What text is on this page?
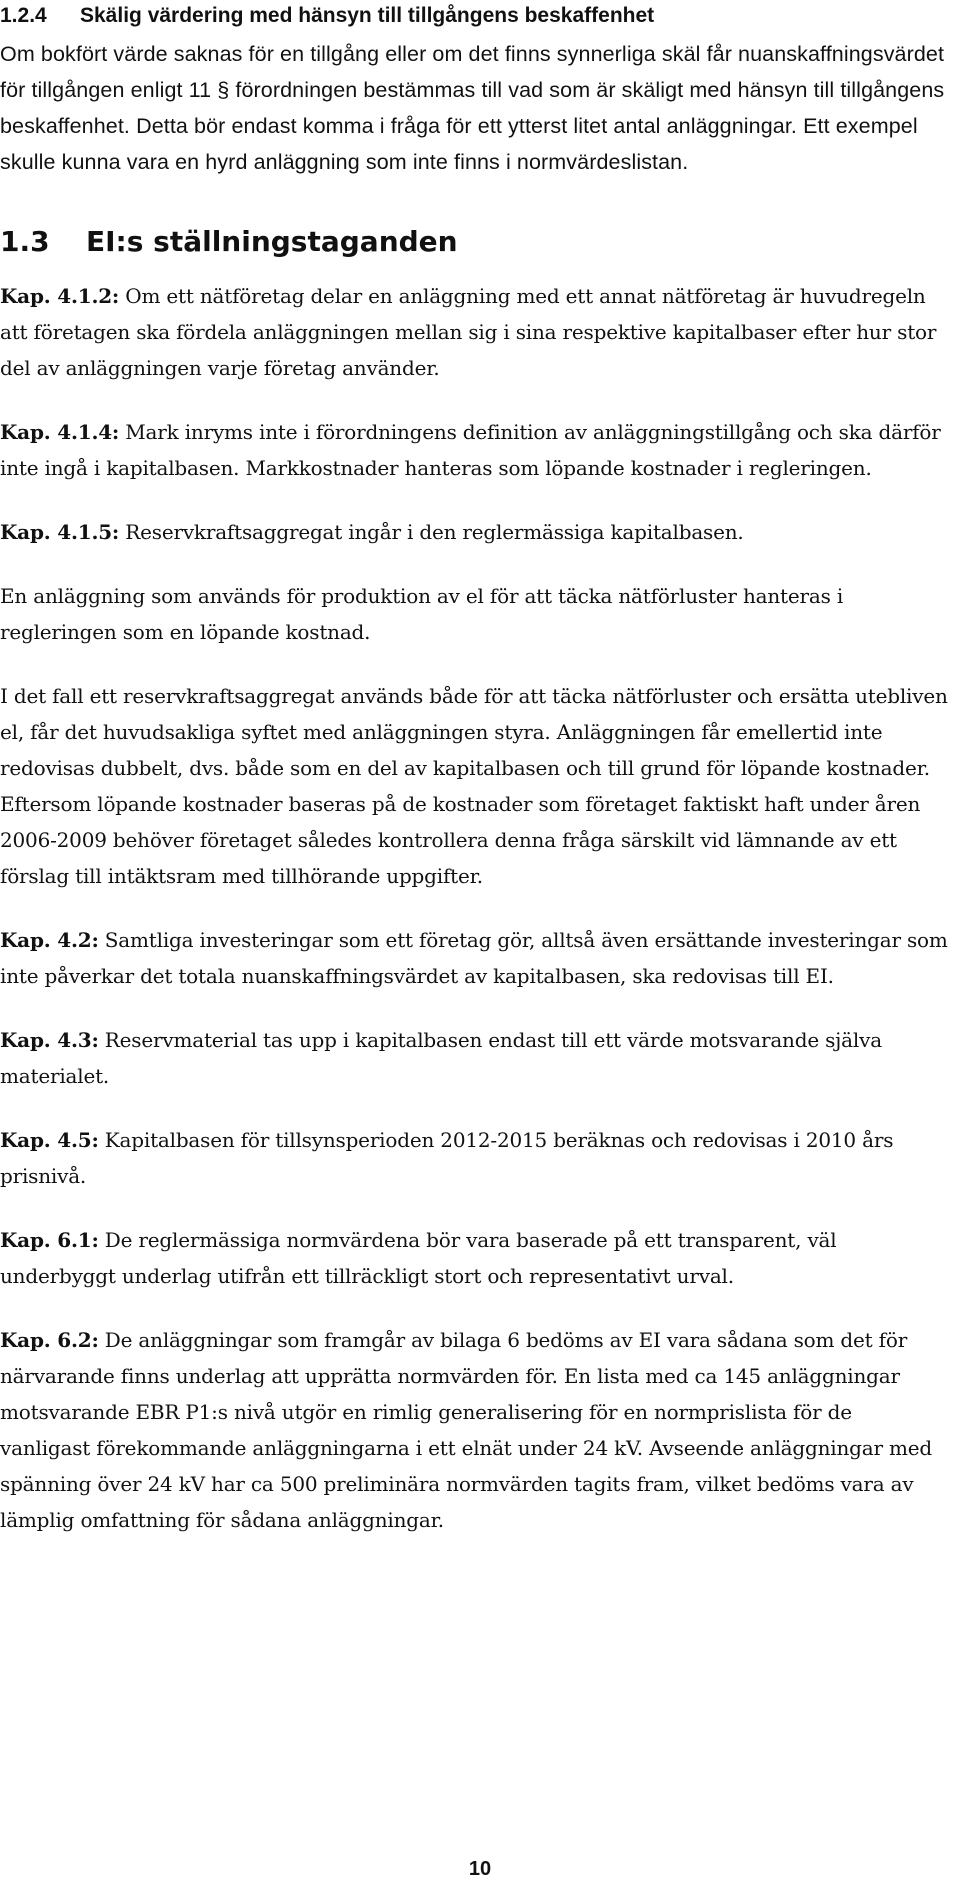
1.2.4	Skälig värdering med hänsyn till tillgångens beskaffenhet

Om bokfört värde saknas för en tillgång eller om det finns synnerliga skäl får nuanskaffningsvärdet för tillgången enligt 11 § förordningen bestämmas till vad som är skäligt med hänsyn till tillgångens beskaffenhet. Detta bör endast komma i fråga för ett ytterst litet antal anläggningar. Ett exempel skulle kunna vara en hyrd anläggning som inte finns i normvärdeslistan.

1.3	EI:s ställningstaganden

Kap. 4.1.2: Om ett nätföretag delar en anläggning med ett annat nätföretag är huvudregeln att företagen ska fördela anläggningen mellan sig i sina respektive kapitalbaser efter hur stor del av anläggningen varje företag använder.

Kap. 4.1.4: Mark inryms inte i förordningens definition av anläggningstillgång och ska därför inte ingå i kapitalbasen. Markkostnader hanteras som löpande kostnader i regleringen.

Kap. 4.1.5: Reservkraftsaggregat ingår i den reglermässiga kapitalbasen.

En anläggning som används för produktion av el för att täcka nätförluster hanteras i regleringen som en löpande kostnad.

I det fall ett reservkraftsaggregat används både för att täcka nätförluster och ersätta utebliven el, får det huvudsakliga syftet med anläggningen styra. Anläggningen får emellertid inte redovisas dubbelt, dvs. både som en del av kapitalbasen och till grund för löpande kostnader. Eftersom löpande kostnader baseras på de kostnader som företaget faktiskt haft under åren 2006-2009 behöver företaget således kontrollera denna fråga särskilt vid lämnande av ett förslag till intäktsram med tillhörande uppgifter.

Kap. 4.2: Samtliga investeringar som ett företag gör, alltså även ersättande investeringar som inte påverkar det totala nuanskaffningsvärdet av kapitalbasen, ska redovisas till EI.

Kap. 4.3: Reservmaterial tas upp i kapitalbasen endast till ett värde motsvarande själva materialet.

Kap. 4.5: Kapitalbasen för tillsynsperioden 2012-2015 beräknas och redovisas i 2010 års prisnivå.

Kap. 6.1: De reglermässiga normvärdena bör vara baserade på ett transparent, väl underbyggt underlag utifrån ett tillräckligt stort och representativt urval.

Kap. 6.2: De anläggningar som framgår av bilaga 6 bedöms av EI vara sådana som det för närvarande finns underlag att upprätta normvärden för. En lista med ca 145 anläggningar motsvarande EBR P1:s nivå utgör en rimlig generalisering för en normprislista för de vanligast förekommande anläggningarna i ett elnät under 24 kV. Avseende anläggningar med spänning över 24 kV har ca 500 preliminära normvärden tagits fram, vilket bedöms vara av lämplig omfattning för sådana anläggningar.

10
